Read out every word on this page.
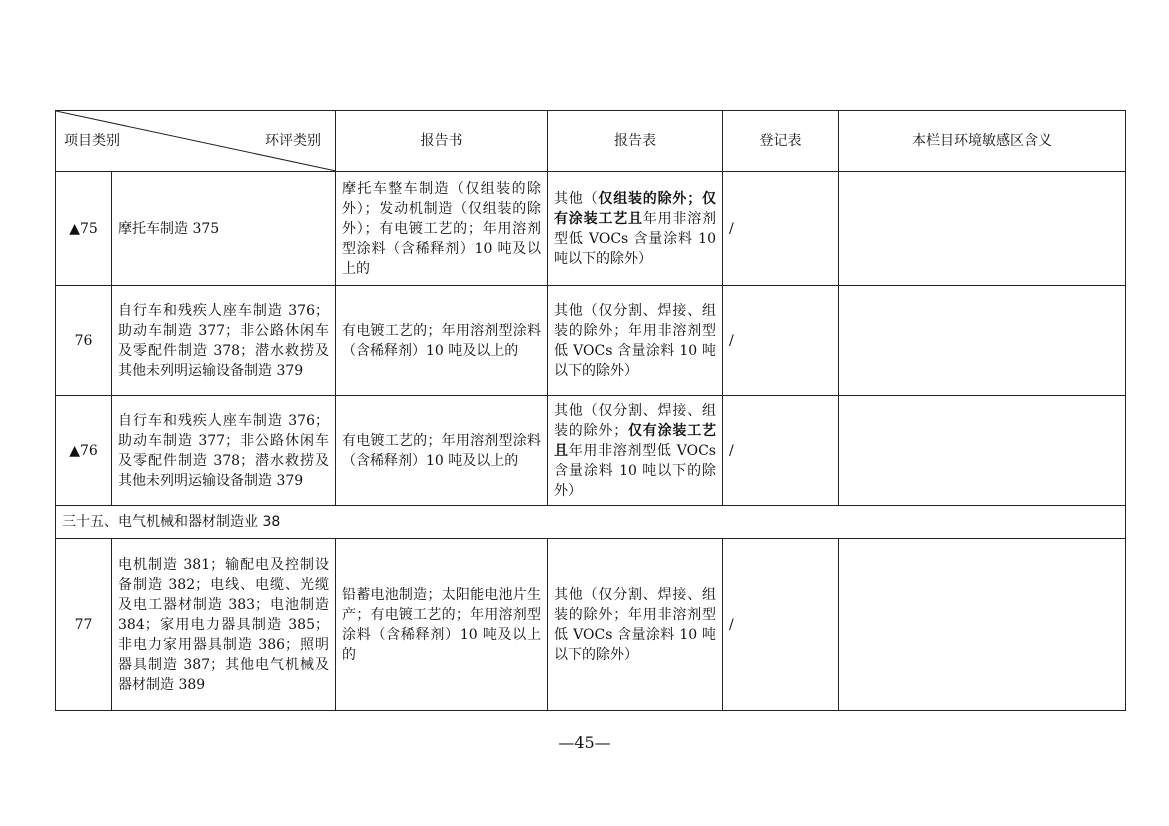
项目类别 环评类别		报告书	报告表	登记表	本栏目环境敏感区含义
▲75	摩托车制造 375	摩托车整车制造（仅组装的除外）；发动机制造（仅组装的除外）；有电镀工艺的；年用溶剂型涂料（含稀释剂）10 吨及以上的	其他（仅组装的除外；仅有涂装工艺且年用非溶剂型低 VOCs 含量涂料 10 吨以下的除外）	/	
76	自行车和残疾人座车制造 376；助动车制造 377；非公路休闲车及零配件制造 378；潜水救捞及其他未列明运输设备制造 379	有电镀工艺的；年用溶剂型涂料（含稀释剂）10 吨及以上的	其他（仅分割、焊接、组装的除外；年用非溶剂型低 VOCs 含量涂料 10 吨以下的除外）	/	
▲76	自行车和残疾人座车制造 376；助动车制造 377；非公路休闲车及零配件制造 378；潜水救捞及其他未列明运输设备制造 379	有电镀工艺的；年用溶剂型涂料（含稀释剂）10 吨及以上的	其他（仅分割、焊接、组装的除外；仅有涂装工艺且年用非溶剂型低 VOCs 含量涂料 10 吨以下的除外）	/	
三十五、电气机械和器材制造业 38					
77	电机制造 381；输配电及控制设备制造 382；电线、电缆、光缆及电工器材制造 383；电池制造 384；家用电力器具制造 385；非电力家用器具制造 386；照明器具制造 387；其他电气机械及器材制造 389	铅蓄电池制造；太阳能电池片生产；有电镀工艺的；年用溶剂型涂料（含稀释剂）10 吨及以上的	其他（仅分割、焊接、组装的除外；年用非溶剂型低 VOCs 含量涂料 10 吨以下的除外）	/	
—45—
